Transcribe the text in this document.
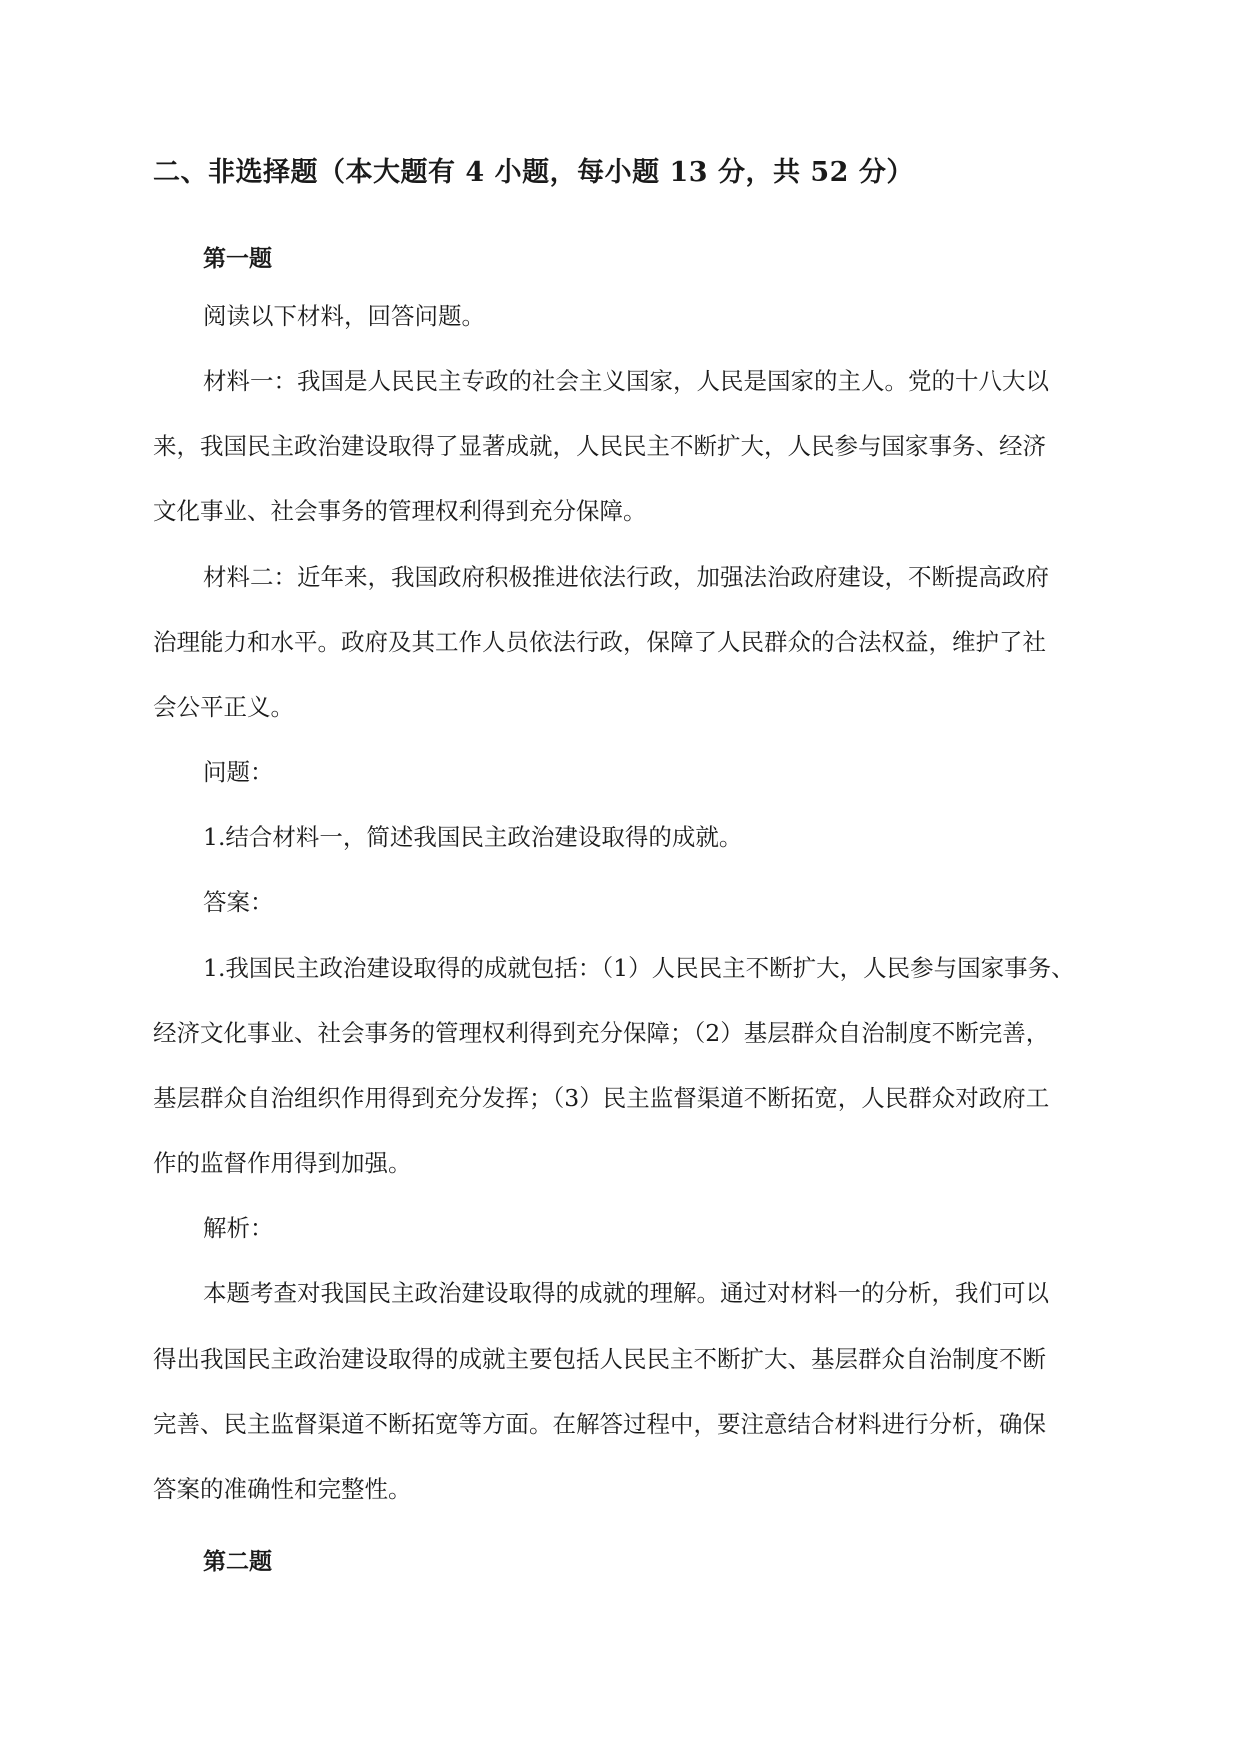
二、非选择题（本大题有 4 小题，每小题 13 分，共 52 分）
第一题
阅读以下材料，回答问题。
材料一：我国是人民民主专政的社会主义国家，人民是国家的主人。党的十八大以
来，我国民主政治建设取得了显著成就，人民民主不断扩大，人民参与国家事务、经济
文化事业、社会事务的管理权利得到充分保障。
材料二：近年来，我国政府积极推进依法行政，加强法治政府建设，不断提高政府
治理能力和水平。政府及其工作人员依法行政，保障了人民群众的合法权益，维护了社
会公平正义。
问题：
1.结合材料一，简述我国民主政治建设取得的成就。
答案：
1.我国民主政治建设取得的成就包括：（1）人民民主不断扩大，人民参与国家事务、
经济文化事业、社会事务的管理权利得到充分保障；（2）基层群众自治制度不断完善，
基层群众自治组织作用得到充分发挥；（3）民主监督渠道不断拓宽，人民群众对政府工
作的监督作用得到加强。
解析：
本题考查对我国民主政治建设取得的成就的理解。通过对材料一的分析，我们可以
得出我国民主政治建设取得的成就主要包括人民民主不断扩大、基层群众自治制度不断
完善、民主监督渠道不断拓宽等方面。在解答过程中，要注意结合材料进行分析，确保
答案的准确性和完整性。
第二题
